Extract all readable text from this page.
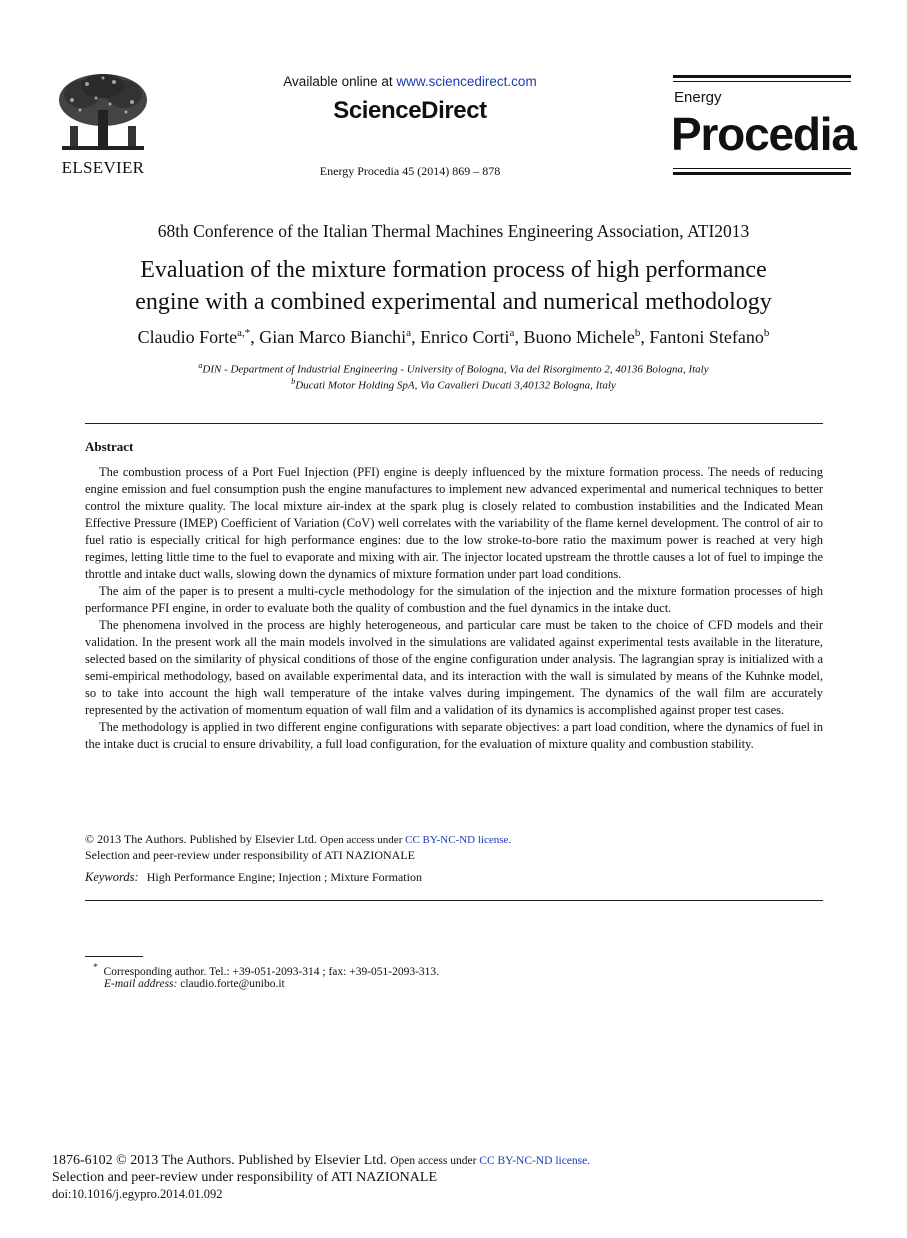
ELSEVIER
Available online at www.sciencedirect.com
ScienceDirect
Energy Procedia 45 (2014) 869 – 878
Energy
Procedia
68th Conference of the Italian Thermal Machines Engineering Association, ATI2013
Evaluation of the mixture formation process of high performance
engine with a combined experimental and numerical methodology
Claudio Forte$^{a,*}$, Gian Marco Bianchi$^a$, Enrico Corti$^a$, Buono Michele$^b$, Fantoni Stefano$^b$
$^a$DIN - Department of Industrial Engineering - University of Bologna, Via del Risorgimento 2, 40136 Bologna, Italy
$^b$Ducati Motor Holding SpA, Via Cavalieri Ducati 3,40132 Bologna, Italy
Abstract

The combustion process of a Port Fuel Injection (PFI) engine is deeply influenced by the mixture formation process. The needs of reducing engine emission and fuel consumption push the engine manufactures to implement new advanced experimental and numerical techniques to better control the mixture quality. The local mixture air-index at the spark plug is closely related to combustion instabilities and the Indicated Mean Effective Pressure (IMEP) Coefficient of Variation (CoV) well correlates with the variability of the flame kernel development. The control of air to fuel ratio is especially critical for high performance engines: due to the low stroke-to-bore ratio the maximum power is reached at very high regimes, letting little time to the fuel to evaporate and mixing with air. The injector located upstream the throttle causes a lot of fuel to impinge the throttle and intake duct walls, slowing down the dynamics of mixture formation under part load conditions.

The aim of the paper is to present a multi-cycle methodology for the simulation of the injection and the mixture formation processes of high performance PFI engine, in order to evaluate both the quality of combustion and the fuel dynamics in the intake duct.

The phenomena involved in the process are highly heterogeneous, and particular care must be taken to the choice of CFD models and their validation. In the present work all the main models involved in the simulations are validated against experimental tests available in the literature, selected based on the similarity of physical conditions of those of the engine configuration under analysis. The lagrangian spray is initialized with a semi-empirical methodology, based on available experimental data, and its interaction with the wall is simulated by means of the Kuhnke model, so to take into account the high wall temperature of the intake valves during impingement. The dynamics of the wall film are accurately represented by the activation of momentum equation of wall film and a validation of its dynamics is accomplished against proper test cases.

The methodology is applied in two different engine configurations with separate objectives: a part load condition, where the dynamics of fuel in the intake duct is crucial to ensure drivability, a full load configuration, for the evaluation of mixture quality and combustion stability.

© 2013 The Authors. Published by Elsevier Ltd. Open access under CC BY-NC-ND license.
Selection and peer-review under responsibility of ATI NAZIONALE
Keywords: High Performance Engine; Injection ; Mixture Formation
* Corresponding author. Tel.: +39-051-2093-314 ; fax: +39-051-2093-313.
E-mail address: claudio.forte@unibo.it
1876-6102 © 2013 The Authors. Published by Elsevier Ltd. Open access under CC BY-NC-ND license.
Selection and peer-review under responsibility of ATI NAZIONALE
doi:10.1016/j.egypro.2014.01.092
